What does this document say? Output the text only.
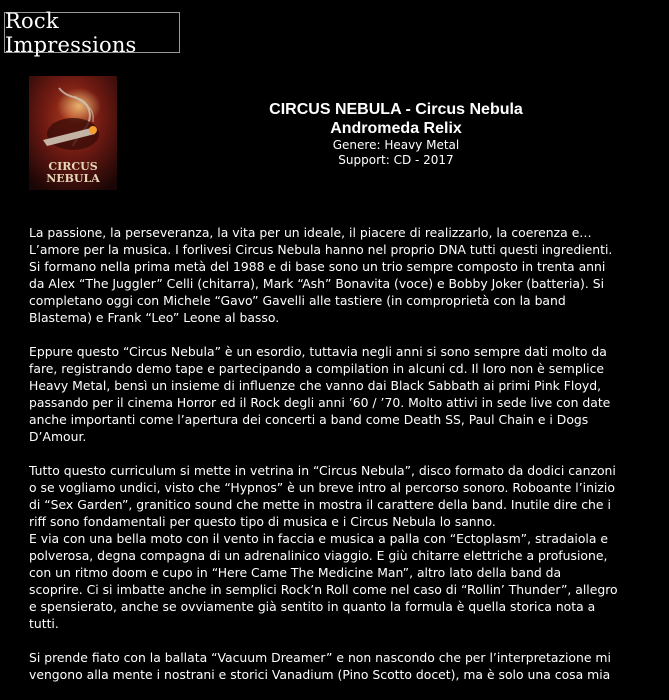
Rock Impressions
CIRCUS
NEBULA
CIRCUS NEBULA - Circus Nebula
Andromeda Relix
Genere: Heavy Metal
Support: CD - 2017

La passione, la perseveranza, la vita per un ideale, il piacere di realizzarlo, la coerenza e…
L’amore per la musica. I forlivesi Circus Nebula hanno nel proprio DNA tutti questi ingredienti.
Si formano nella prima metà del 1988 e di base sono un trio sempre composto in trenta anni
da Alex “The Juggler” Celli (chitarra), Mark “Ash” Bonavita (voce) e Bobby Joker (batteria). Si
completano oggi con Michele “Gavo” Gavelli alle tastiere (in comproprietà con la band
Blastema) e Frank “Leo” Leone al basso.

Eppure questo “Circus Nebula” è un esordio, tuttavia negli anni si sono sempre dati molto da
fare, registrando demo tape e partecipando a compilation in alcuni cd. Il loro non è semplice
Heavy Metal, bensì un insieme di influenze che vanno dai Black Sabbath ai primi Pink Floyd,
passando per il cinema Horror ed il Rock degli anni ’60 / ’70. Molto attivi in sede live con date
anche importanti come l’apertura dei concerti a band come Death SS, Paul Chain e i Dogs
D’Amour.

Tutto questo curriculum si mette in vetrina in “Circus Nebula”, disco formato da dodici canzoni
o se vogliamo undici, visto che “Hypnos” è un breve intro al percorso sonoro. Roboante l’inizio
di “Sex Garden”, granitico sound che mette in mostra il carattere della band. Inutile dire che i
riff sono fondamentali per questo tipo di musica e i Circus Nebula lo sanno.
E via con una bella moto con il vento in faccia e musica a palla con “Ectoplasm”, stradaiola e
polverosa, degna compagna di un adrenalinico viaggio. E giù chitarre elettriche a profusione,
con un ritmo doom e cupo in “Here Came The Medicine Man”, altro lato della band da
scoprire. Ci si imbatte anche in semplici Rock’n Roll come nel caso di “Rollin’ Thunder”, allegro
e spensierato, anche se ovviamente già sentito in quanto la formula è quella storica nota a
tutti.

Si prende fiato con la ballata “Vacuum Dreamer” e non nascondo che per l’interpretazione mi
vengono alla mente i nostrani e storici Vanadium (Pino Scotto docet), ma è solo una cosa mia
